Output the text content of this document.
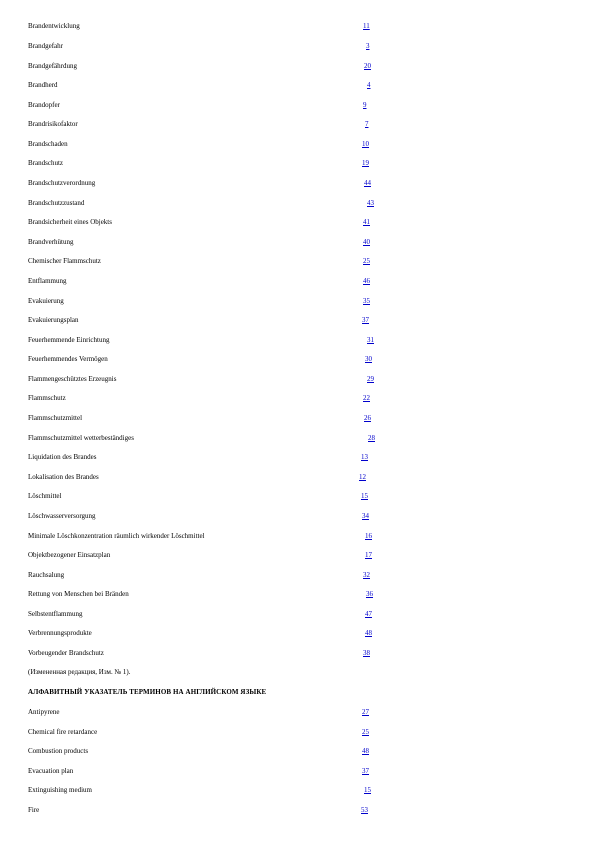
Brandentwicklung	11
Brandgefahr	3
Brandgefährdung	20
Brandherd	4
Brandopfer	9
Brandrisikofaktor	7
Brandschaden	10
Brandschutz	19
Brandschutzverordnung	44
Brandschutzzustand	43
Brandsicherheit eines Objekts	41
Brandverhütung	40
Chemischer Flammschutz	25
Entflammung	46
Evakuierung	35
Evakuierungsplan	37
Feuerhemmende Einrichtung	31
Feuerhemmendes Vermögen	30
Flammengeschütztes Erzeugnis	29
Flammschutz	22
Flammschutzmittel	26
Flammschutzmittel wetterbeständiges	28
Liquidation des Brandes	13
Lokalisation des Brandes	12
Löschmittel	15
Löschwasserversorgung	34
Minimale Löschkonzentration räumlich wirkender Löschmittel	16
Objektbezogener Einsatzplan	17
Rauchsalung	32
Rettung von Menschen bei Bränden	36
Selbstentflammung	47
Verbrennungsprodukte	48
Vorbeugender Brandschutz	38
(Измененная редакция, Изм. № 1).
АЛФАВИТНЫЙ УКАЗАТЕЛЬ ТЕРМИНОВ НА АНГЛИЙСКОМ ЯЗЫКЕ
Antipyrene	27
Chemical fire retardance	25
Combustion products	48
Evacuation plan	37
Extinguishing medium	15
Fire	53
